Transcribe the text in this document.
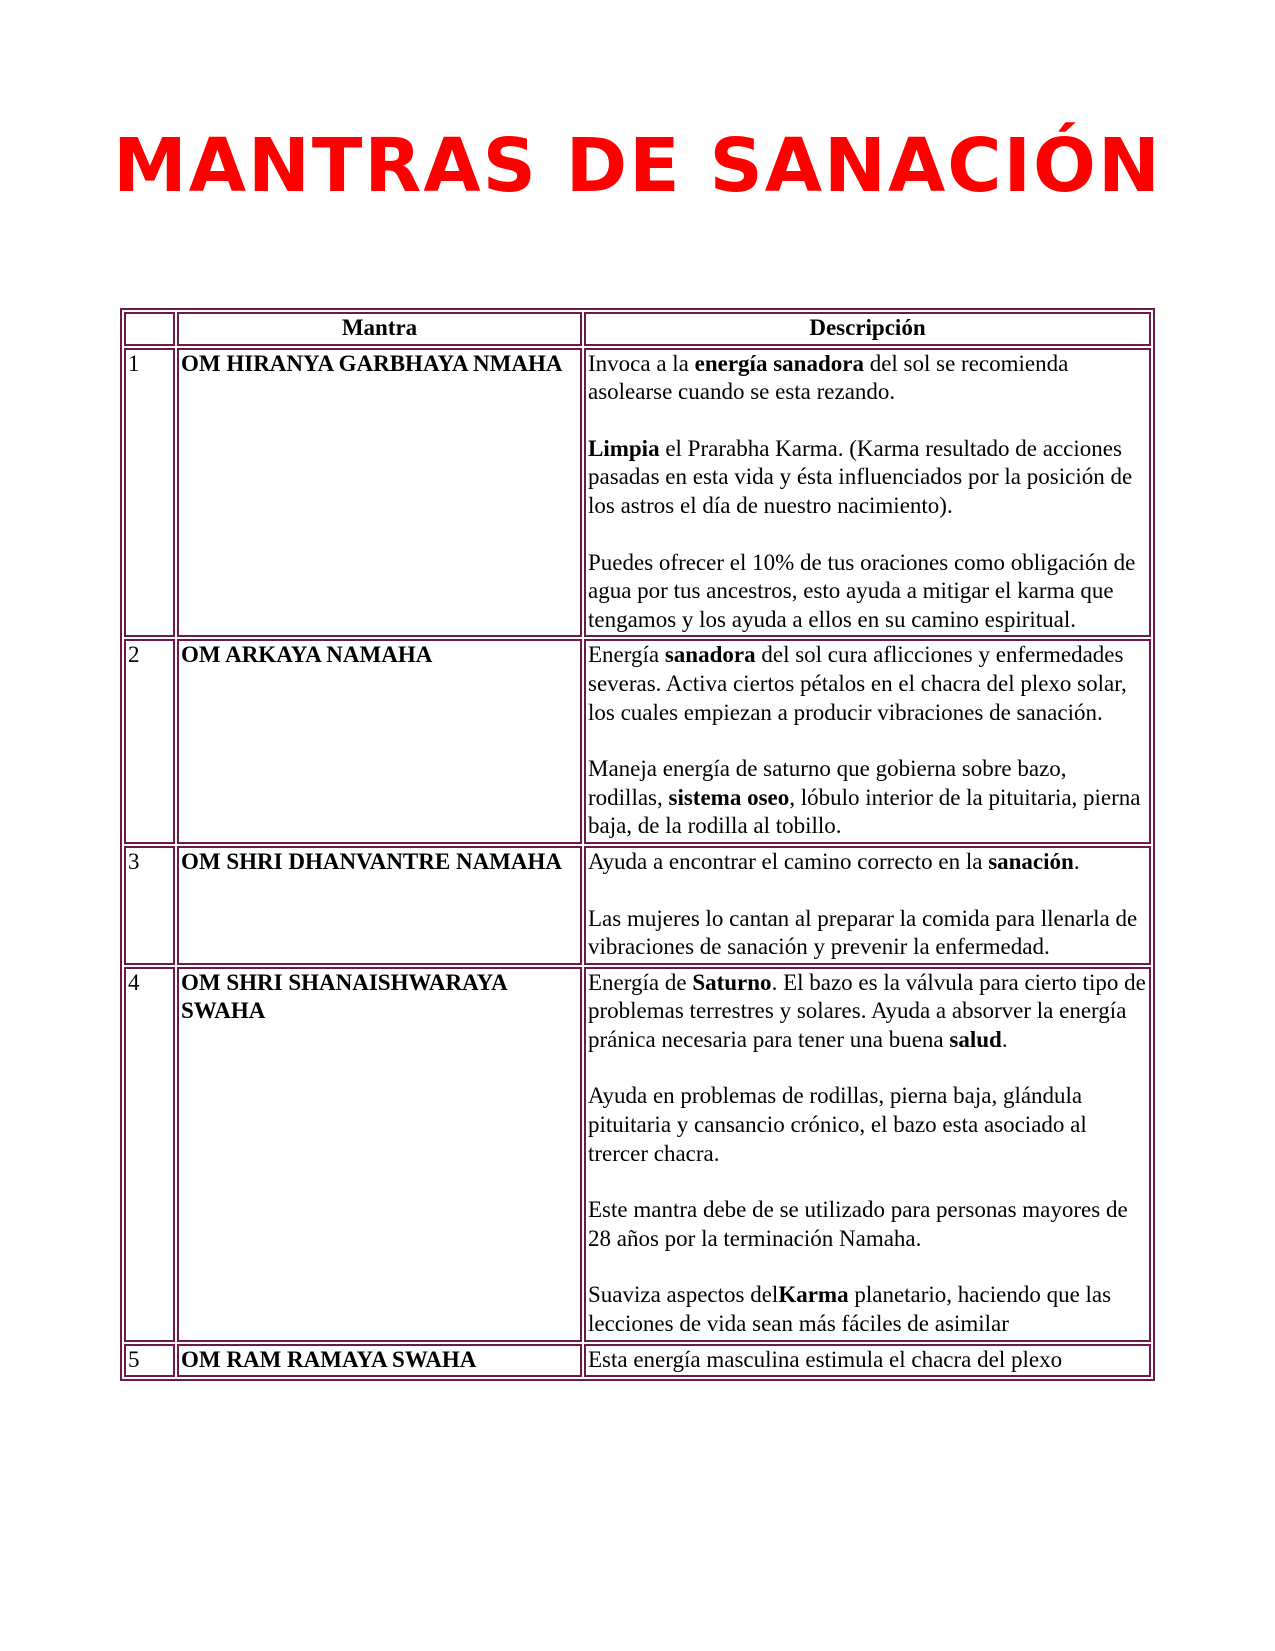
MANTRAS DE SANACIÓN
	Mantra	Descripción
1	OM HIRANYA GARBHAYA NMAHA	Invoca a la energía sanadora del sol se recomienda asolearse cuando se esta rezando.

Limpia el Prarabha Karma. (Karma resultado de acciones pasadas en esta vida y ésta influenciados por la posición de los astros el día de nuestro nacimiento).

Puedes ofrecer el 10% de tus oraciones como obligación de agua por tus ancestros, esto ayuda a mitigar el karma que tengamos y los ayuda a ellos en su camino espiritual.

2	OM ARKAYA NAMAHA	Energía sanadora del sol cura aflicciones y enfermedades severas. Activa ciertos pétalos en el chacra del plexo solar, los cuales empiezan a producir vibraciones de sanación.

Maneja energía de saturno que gobierna sobre bazo, rodillas, sistema oseo, lóbulo interior de la pituitaria, pierna baja, de la rodilla al tobillo.

3	OM SHRI DHANVANTRE NAMAHA	Ayuda a encontrar el camino correcto en la sanación.

Las mujeres lo cantan al preparar la comida para llenarla de vibraciones de sanación y prevenir la enfermedad.

4	OM SHRI SHANAISHWARAYA SWAHA	Energía de Saturno. El bazo es la válvula para cierto tipo de problemas terrestres y solares. Ayuda a absorver la energía pránica necesaria para tener una buena salud.

Ayuda en problemas de rodillas, pierna baja, glándula pituitaria y cansancio crónico, el bazo esta asociado al trercer chacra.

Este mantra debe de se utilizado para personas mayores de 28 años por la terminación Namaha.

Suaviza aspectos delKarma planetario, haciendo que las lecciones de vida sean más fáciles de asimilar

5	OM RAM RAMAYA SWAHA	Esta energía masculina estimula el chacra del plexo
